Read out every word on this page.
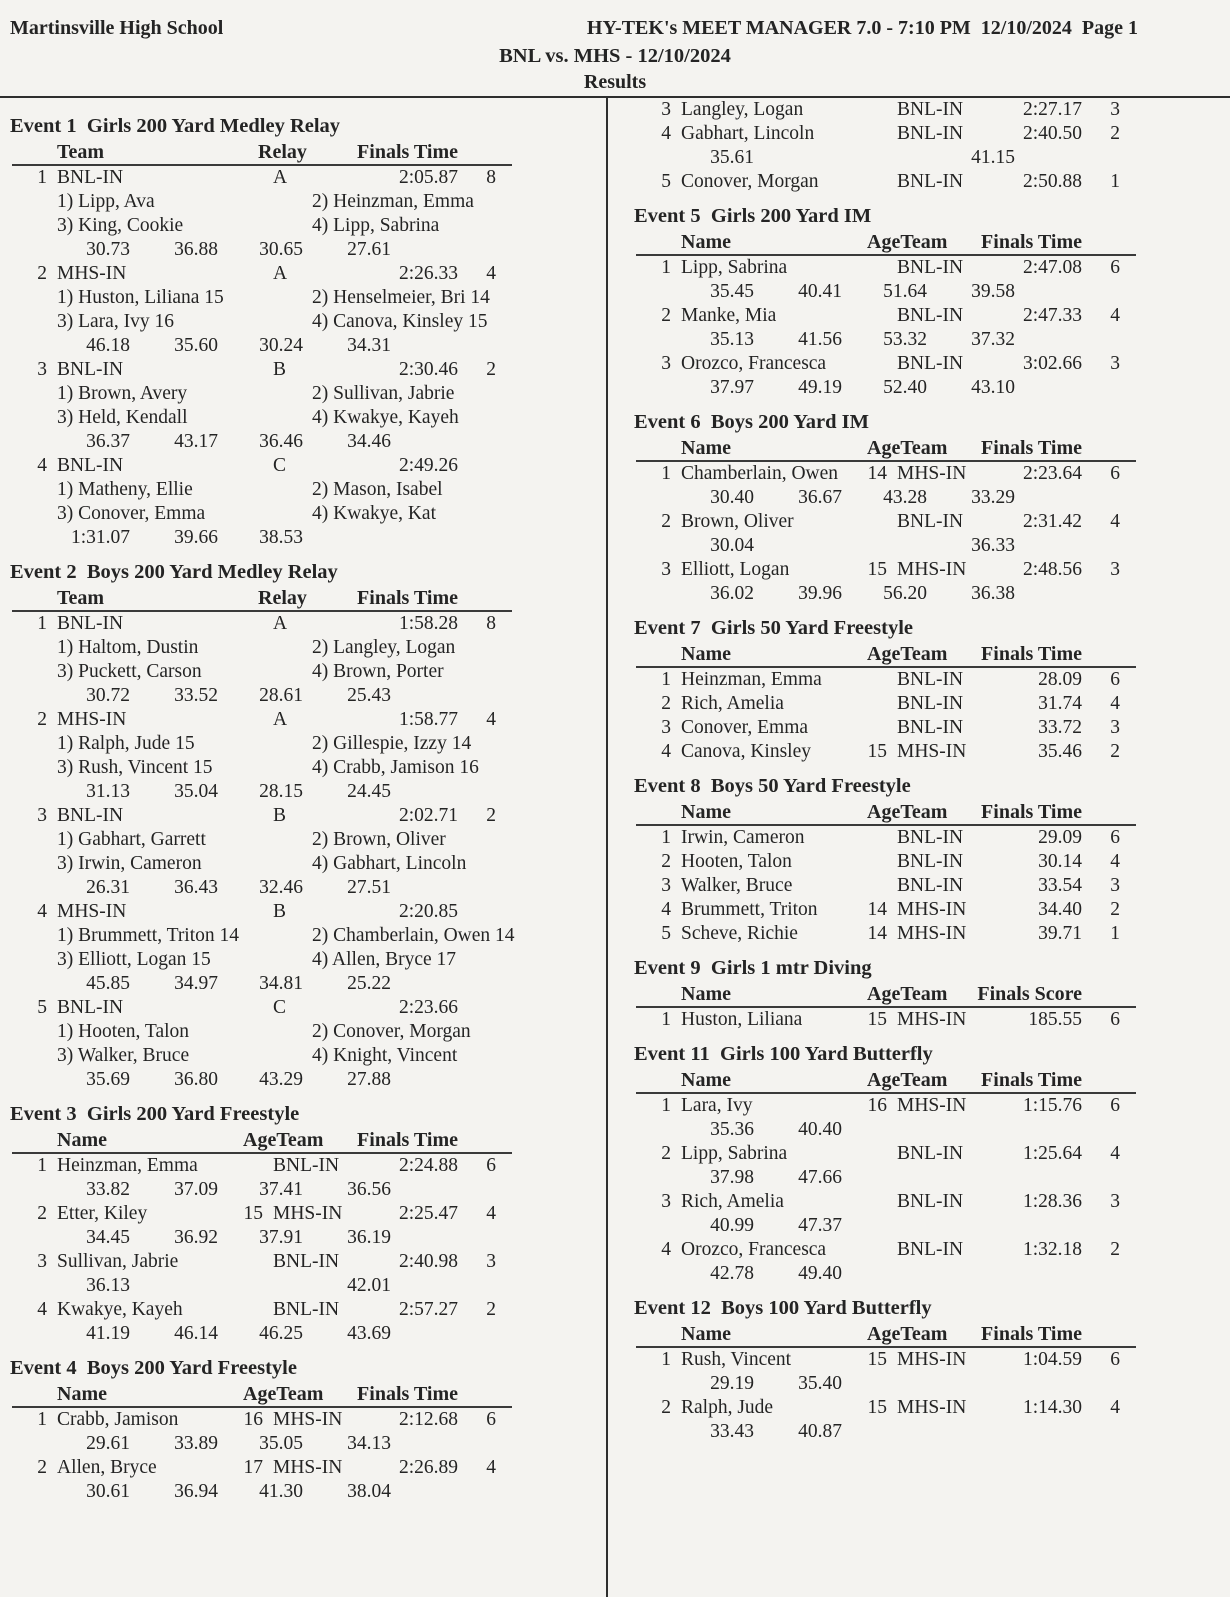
Martinsville High School	HY-TEK's MEET MANAGER 7.0 - 7:10 PM  12/10/2024  Page 1
BNL vs. MHS - 12/10/2024
Results
Event 1  Girls 200 Yard Medley Relay
Team	Relay	Finals Time
1 BNL-IN	A	2:05.87	8
1) Lipp, Ava	2) Heinzman, Emma
3) King, Cookie	4) Lipp, Sabrina
30.73	36.88	30.65	27.61
2 MHS-IN	A	2:26.33	4
1) Huston, Liliana 15	2) Henselmeier, Bri 14
3) Lara, Ivy 16	4) Canova, Kinsley 15
46.18	35.60	30.24	34.31
3 BNL-IN	B	2:30.46	2
1) Brown, Avery	2) Sullivan, Jabrie
3) Held, Kendall	4) Kwakye, Kayeh
36.37	43.17	36.46	34.46
4 BNL-IN	C	2:49.26
1) Matheny, Ellie	2) Mason, Isabel
3) Conover, Emma	4) Kwakye, Kat
1:31.07	39.66	38.53
Event 2  Boys 200 Yard Medley Relay
Team	Relay	Finals Time
1 BNL-IN	A	1:58.28	8
1) Haltom, Dustin	2) Langley, Logan
3) Puckett, Carson	4) Brown, Porter
30.72	33.52	28.61	25.43
2 MHS-IN	A	1:58.77	4
1) Ralph, Jude 15	2) Gillespie, Izzy 14
3) Rush, Vincent 15	4) Crabb, Jamison 16
31.13	35.04	28.15	24.45
3 BNL-IN	B	2:02.71	2
1) Gabhart, Garrett	2) Brown, Oliver
3) Irwin, Cameron	4) Gabhart, Lincoln
26.31	36.43	32.46	27.51
4 MHS-IN	B	2:20.85
1) Brummett, Triton 14	2) Chamberlain, Owen 14
3) Elliott, Logan 15	4) Allen, Bryce 17
45.85	34.97	34.81	25.22
5 BNL-IN	C	2:23.66
1) Hooten, Talon	2) Conover, Morgan
3) Walker, Bruce	4) Knight, Vincent
35.69	36.80	43.29	27.88
Event 3  Girls 200 Yard Freestyle
Name	AgeTeam	Finals Time
1 Heinzman, Emma	BNL-IN	2:24.88	6
33.82	37.09	37.41	36.56
2 Etter, Kiley	15 MHS-IN	2:25.47	4
34.45	36.92	37.91	36.19
3 Sullivan, Jabrie	BNL-IN	2:40.98	3
36.13	42.01
4 Kwakye, Kayeh	BNL-IN	2:57.27	2
41.19	46.14	46.25	43.69
Event 4  Boys 200 Yard Freestyle
Name	AgeTeam	Finals Time
1 Crabb, Jamison	16 MHS-IN	2:12.68	6
29.61	33.89	35.05	34.13
2 Allen, Bryce	17 MHS-IN	2:26.89	4
30.61	36.94	41.30	38.04
3 Langley, Logan	BNL-IN	2:27.17	3
4 Gabhart, Lincoln	BNL-IN	2:40.50	2
35.61	41.15
5 Conover, Morgan	BNL-IN	2:50.88	1
Event 5  Girls 200 Yard IM
Name	AgeTeam	Finals Time
1 Lipp, Sabrina	BNL-IN	2:47.08	6
35.45	40.41	51.64	39.58
2 Manke, Mia	BNL-IN	2:47.33	4
35.13	41.56	53.32	37.32
3 Orozco, Francesca	BNL-IN	3:02.66	3
37.97	49.19	52.40	43.10
Event 6  Boys 200 Yard IM
Name	AgeTeam	Finals Time
1 Chamberlain, Owen	14 MHS-IN	2:23.64	6
30.40	36.67	43.28	33.29
2 Brown, Oliver	BNL-IN	2:31.42	4
30.04	36.33
3 Elliott, Logan	15 MHS-IN	2:48.56	3
36.02	39.96	56.20	36.38
Event 7  Girls 50 Yard Freestyle
Name	AgeTeam	Finals Time
1 Heinzman, Emma	BNL-IN	28.09	6
2 Rich, Amelia	BNL-IN	31.74	4
3 Conover, Emma	BNL-IN	33.72	3
4 Canova, Kinsley	15 MHS-IN	35.46	2
Event 8  Boys 50 Yard Freestyle
Name	AgeTeam	Finals Time
1 Irwin, Cameron	BNL-IN	29.09	6
2 Hooten, Talon	BNL-IN	30.14	4
3 Walker, Bruce	BNL-IN	33.54	3
4 Brummett, Triton	14 MHS-IN	34.40	2
5 Scheve, Richie	14 MHS-IN	39.71	1
Event 9  Girls 1 mtr Diving
Name	AgeTeam Finals Score
1 Huston, Liliana	15 MHS-IN	185.55	6
Event 11  Girls 100 Yard Butterfly
Name	AgeTeam	Finals Time
1 Lara, Ivy	16 MHS-IN	1:15.76	6
35.36	40.40
2 Lipp, Sabrina	BNL-IN	1:25.64	4
37.98	47.66
3 Rich, Amelia	BNL-IN	1:28.36	3
40.99	47.37
4 Orozco, Francesca	BNL-IN	1:32.18	2
42.78	49.40
Event 12  Boys 100 Yard Butterfly
Name	AgeTeam	Finals Time
1 Rush, Vincent	15 MHS-IN	1:04.59	6
29.19	35.40
2 Ralph, Jude	15 MHS-IN	1:14.30	4
33.43	40.87
